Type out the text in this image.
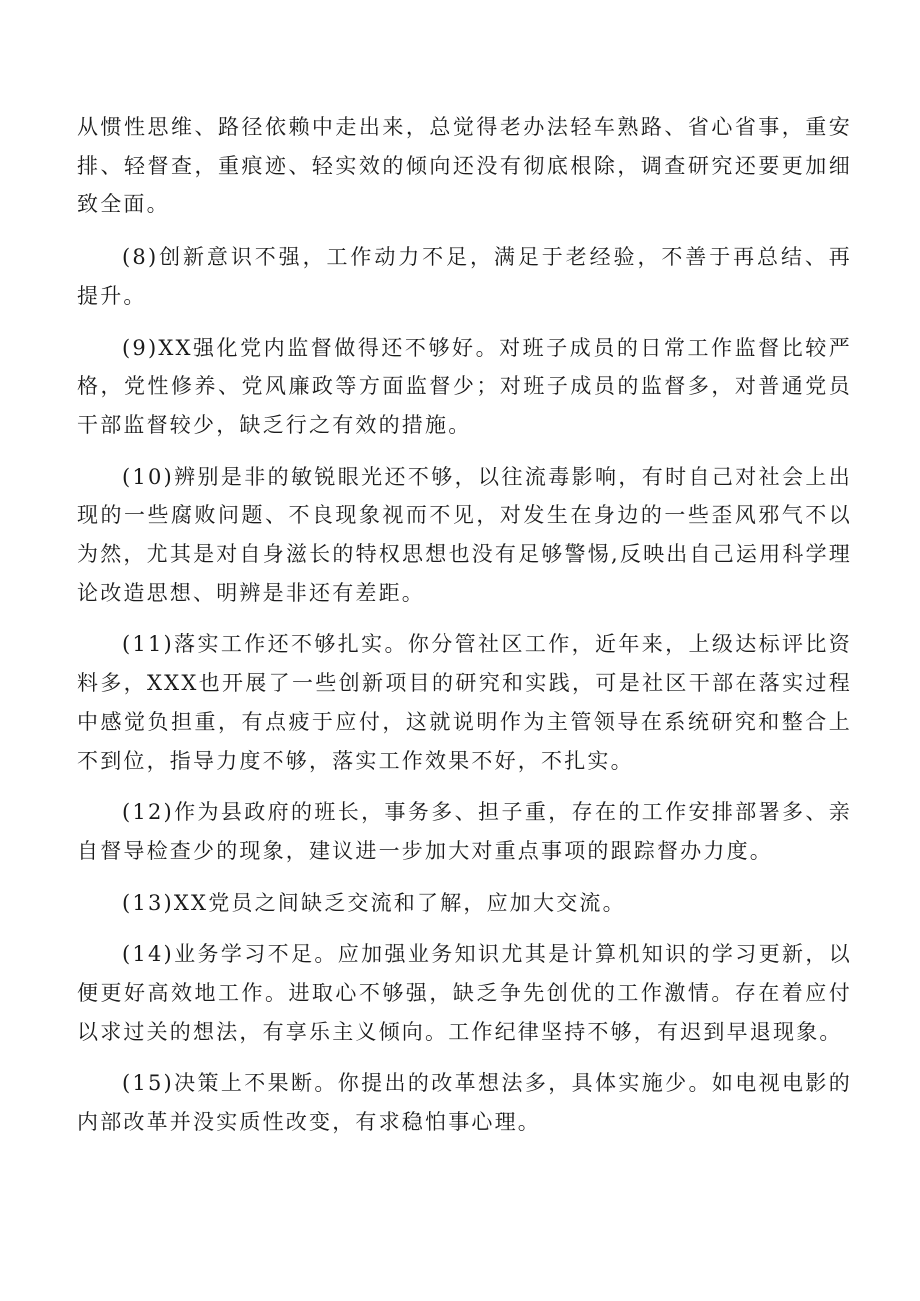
从惯性思维、路径依赖中走出来，总觉得老办法轻车熟路、省心省事，重安排、轻督查，重痕迹、轻实效的倾向还没有彻底根除，调查研究还要更加细致全面。

(8)创新意识不强，工作动力不足，满足于老经验，不善于再总结、再提升。

(9)XX强化党内监督做得还不够好。对班子成员的日常工作监督比较严格，党性修养、党风廉政等方面监督少；对班子成员的监督多，对普通党员干部监督较少，缺乏行之有效的措施。

(10)辨别是非的敏锐眼光还不够，以往流毒影响，有时自己对社会上出现的一些腐败问题、不良现象视而不见，对发生在身边的一些歪风邪气不以为然，尤其是对自身滋长的特权思想也没有足够警惕,反映出自己运用科学理论改造思想、明辨是非还有差距。

(11)落实工作还不够扎实。你分管社区工作，近年来，上级达标评比资料多，XXX也开展了一些创新项目的研究和实践，可是社区干部在落实过程中感觉负担重，有点疲于应付，这就说明作为主管领导在系统研究和整合上不到位，指导力度不够，落实工作效果不好，不扎实。

(12)作为县政府的班长，事务多、担子重，存在的工作安排部署多、亲自督导检查少的现象，建议进一步加大对重点事项的跟踪督办力度。

(13)XX党员之间缺乏交流和了解，应加大交流。

(14)业务学习不足。应加强业务知识尤其是计算机知识的学习更新，以便更好高效地工作。进取心不够强，缺乏争先创优的工作激情。存在着应付以求过关的想法，有享乐主义倾向。工作纪律坚持不够，有迟到早退现象。

(15)决策上不果断。你提出的改革想法多，具体实施少。如电视电影的内部改革并没实质性改变，有求稳怕事心理。
